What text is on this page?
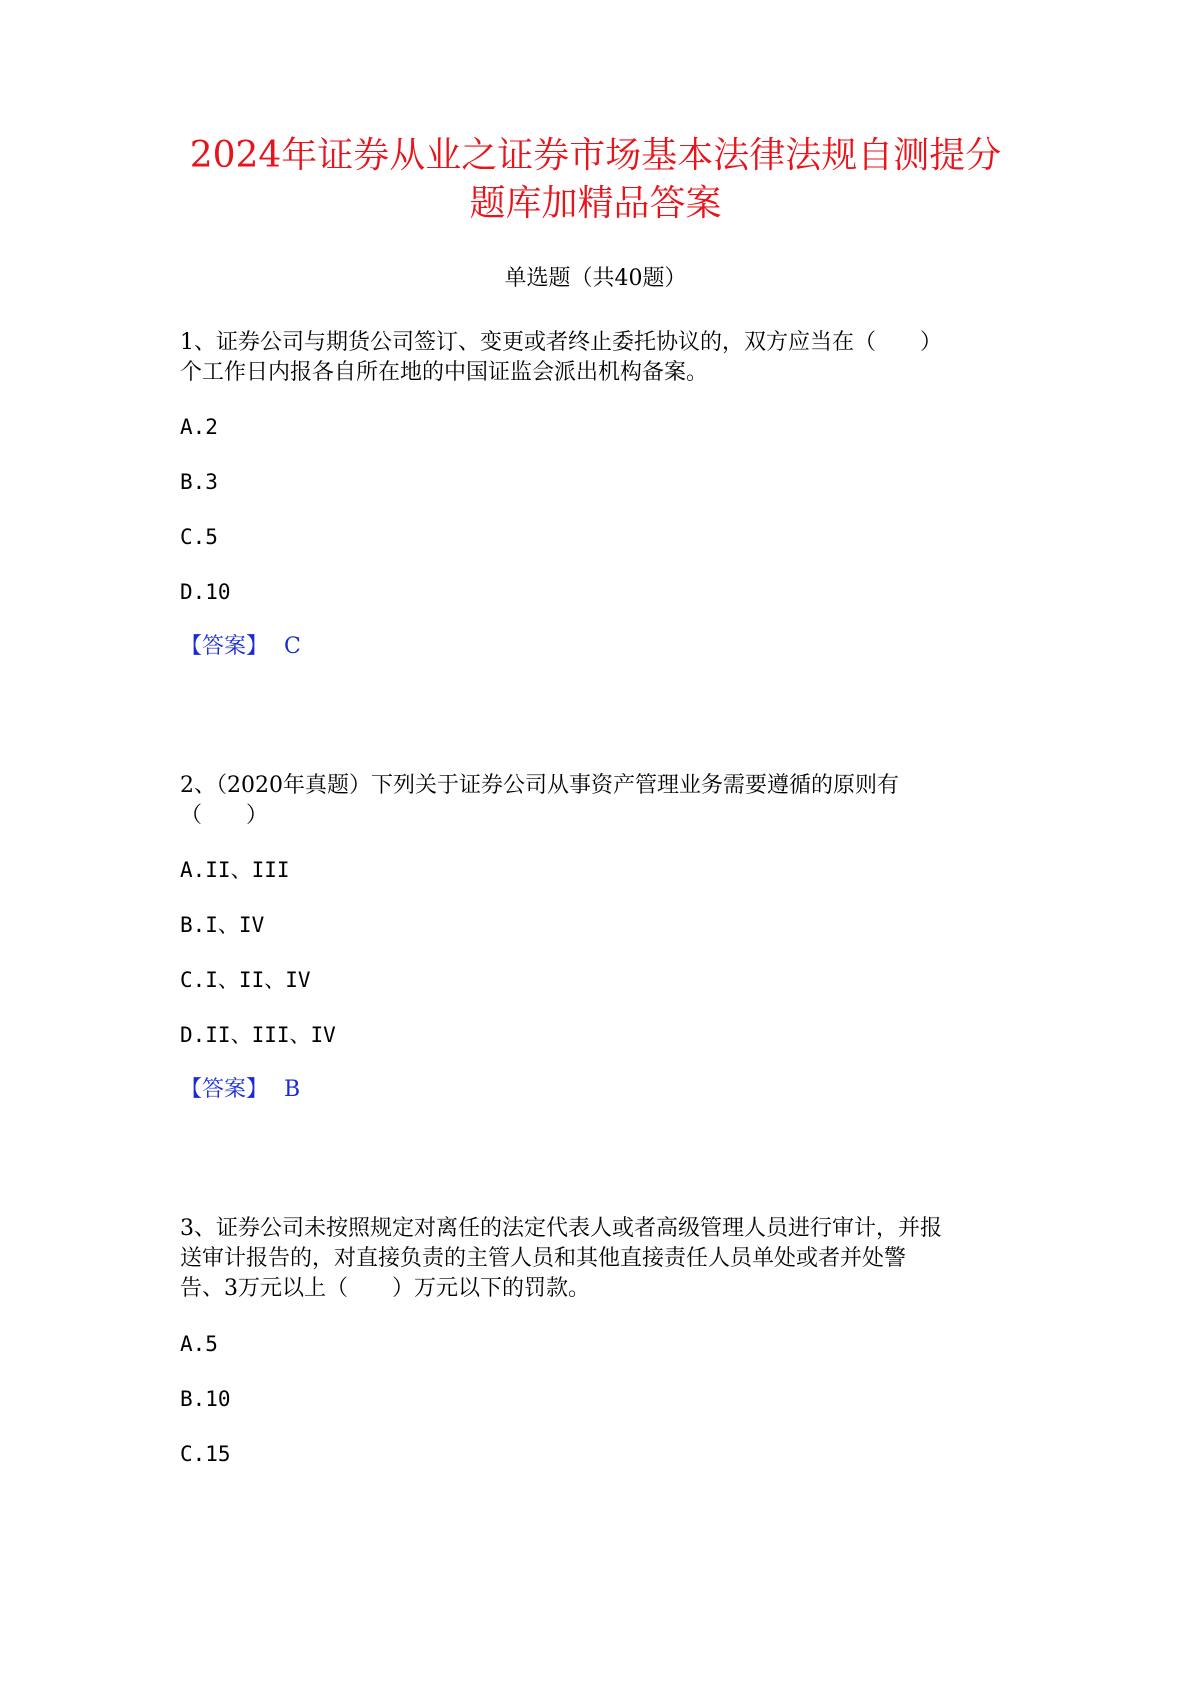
2024年证券从业之证券市场基本法律法规自测提分
题库加精品答案
单选题（共40题）
1、证券公司与期货公司签订、变更或者终止委托协议的，双方应当在（　　）
个工作日内报各自所在地的中国证监会派出机构备案。
A.2
B.3
C.5
D.10
【答案】 C
2、（2020年真题）下列关于证券公司从事资产管理业务需要遵循的原则有
（　　）
A.II、III
B.I、IV
C.I、II、IV
D.II、III、IV
【答案】 B
3、证券公司未按照规定对离任的法定代表人或者高级管理人员进行审计，并报
送审计报告的，对直接负责的主管人员和其他直接责任人员单处或者并处警
告、3万元以上（　　）万元以下的罚款。
A.5
B.10
C.15
